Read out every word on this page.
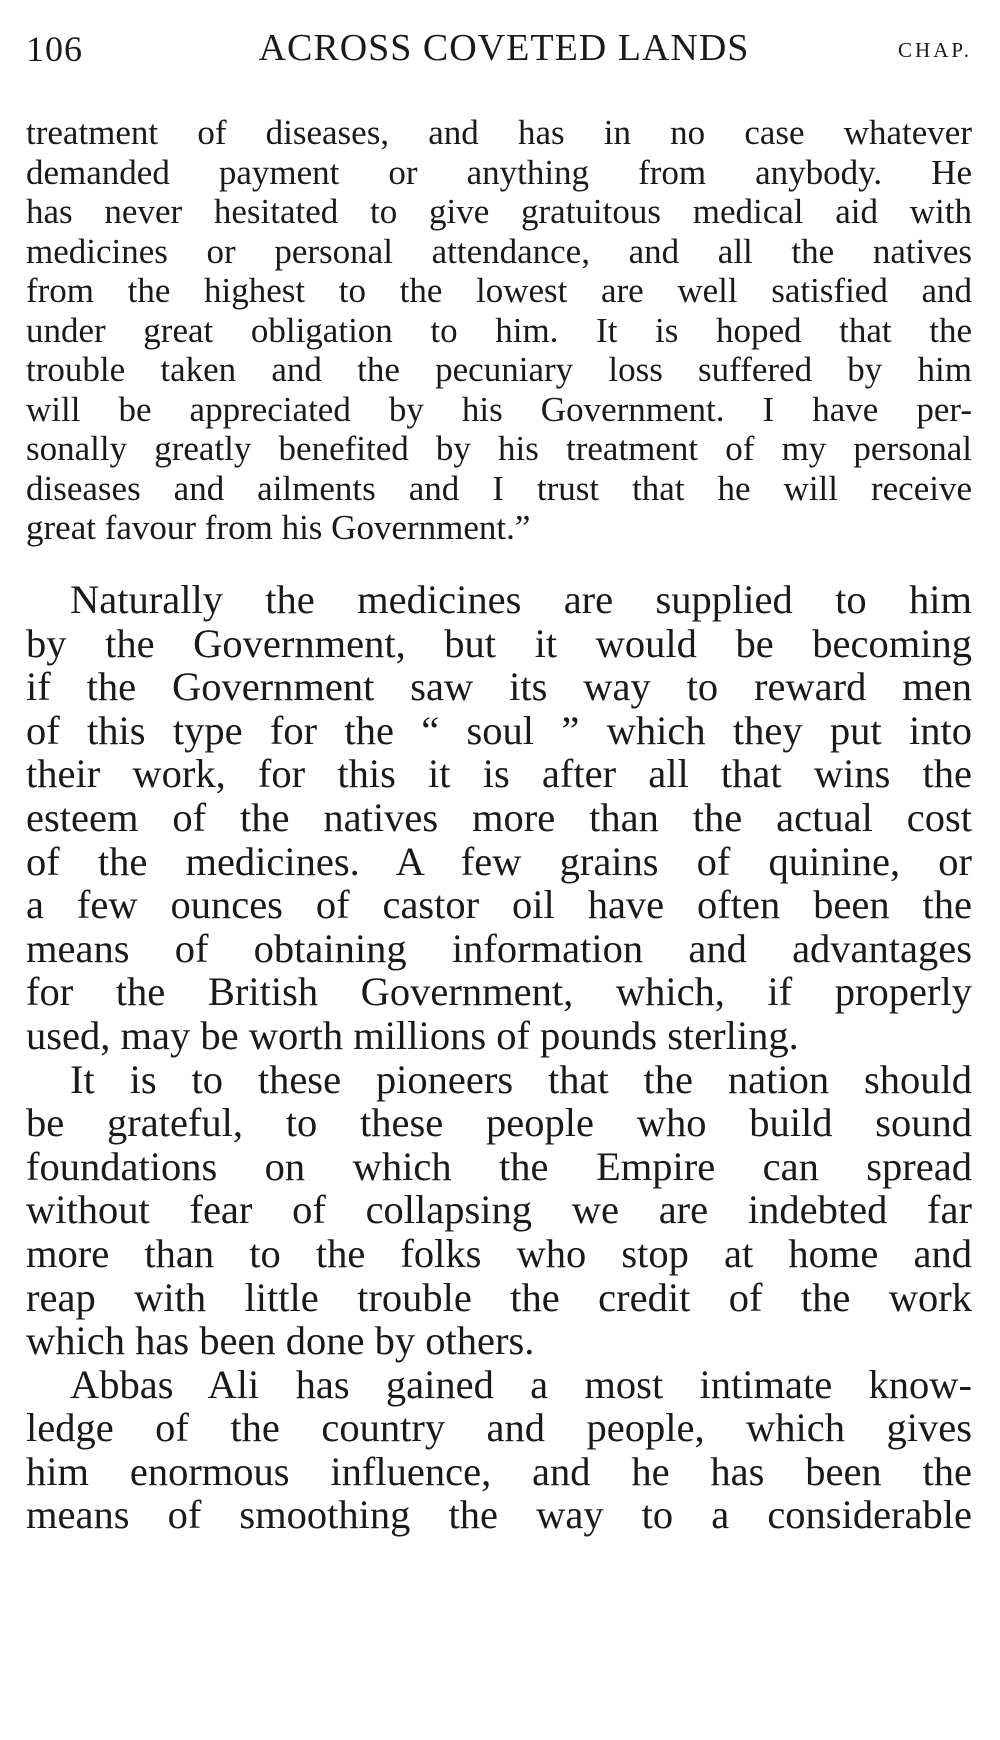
106	ACROSS COVETED LANDS	CHAP.
treatment of diseases, and has in no case whatever
demanded payment or anything from anybody. He
has never hesitated to give gratuitous medical aid with
medicines or personal attendance, and all the natives
from the highest to the lowest are well satisfied and
under great obligation to him. It is hoped that the
trouble taken and the pecuniary loss suffered by him
will be appreciated by his Government. I have per-
sonally greatly benefited by his treatment of my personal
diseases and ailments and I trust that he will receive
great favour from his Government.”
Naturally the medicines are supplied to him
by the Government, but it would be becoming
if the Government saw its way to reward men
of this type for the “ soul ” which they put into
their work, for this it is after all that wins the
esteem of the natives more than the actual cost
of the medicines. A few grains of quinine, or
a few ounces of castor oil have often been the
means of obtaining information and advantages
for the British Government, which, if properly
used, may be worth millions of pounds sterling.
It is to these pioneers that the nation should
be grateful, to these people who build sound
foundations on which the Empire can spread
without fear of collapsing we are indebted far
more than to the folks who stop at home and
reap with little trouble the credit of the work
which has been done by others.
Abbas Ali has gained a most intimate know-
ledge of the country and people, which gives
him enormous influence, and he has been the
means of smoothing the way to a considerable
